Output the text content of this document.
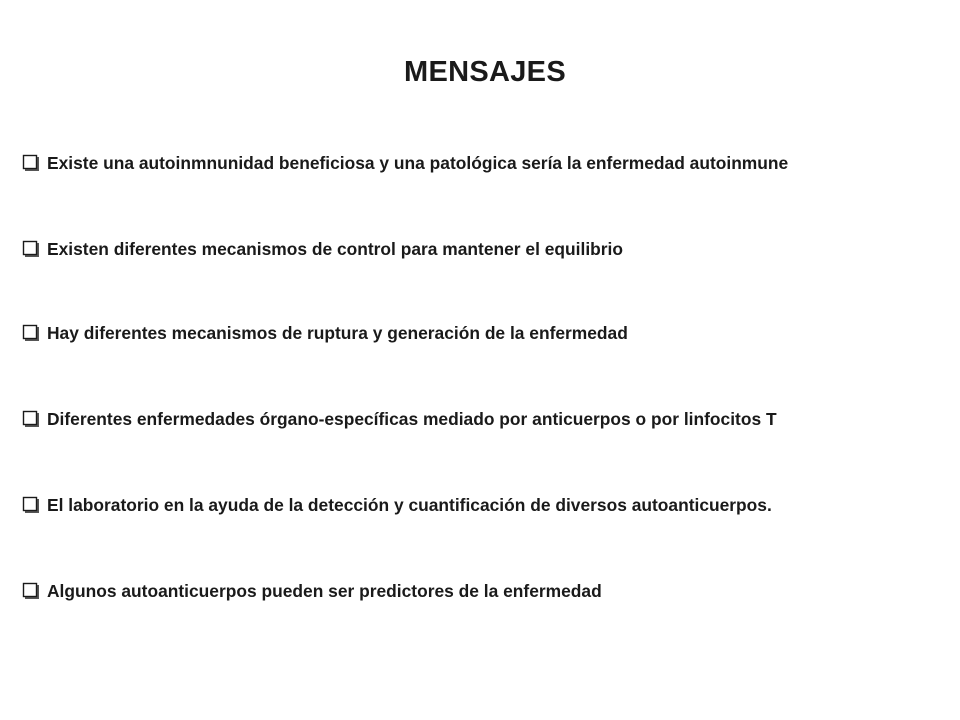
MENSAJES
Existe una autoinmnunidad beneficiosa y una patológica sería la enfermedad autoinmune
Existen diferentes mecanismos de control para mantener el equilibrio
Hay diferentes mecanismos de ruptura y generación de la enfermedad
Diferentes enfermedades órgano-específicas mediado por anticuerpos o por linfocitos T
El laboratorio en la ayuda de la detección y cuantificación de diversos autoanticuerpos.
Algunos autoanticuerpos pueden ser predictores de la enfermedad
